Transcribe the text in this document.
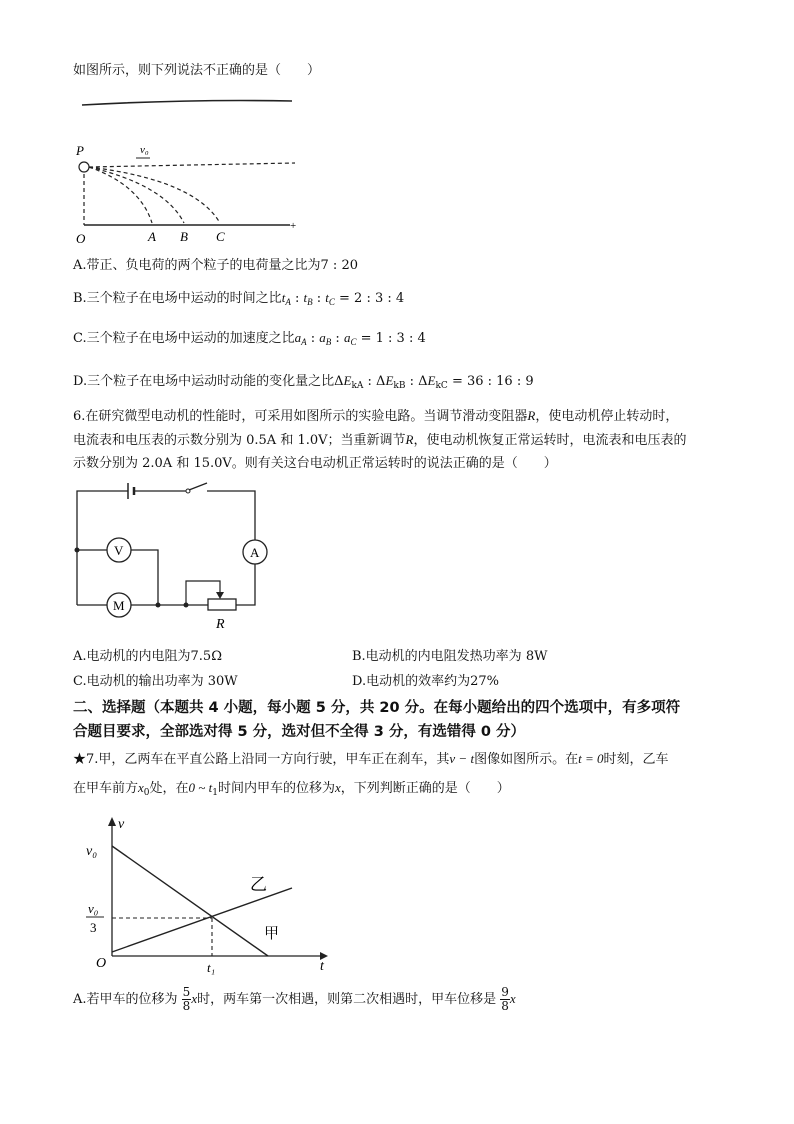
如图所示，则下列说法不正确的是（　　）
P	v₀
O	A B C
+
A.带正、负电荷的两个粒子的电荷量之比为7 : 20
B.三个粒子在电场中运动的时间之比$t_A$ : $t_B$ : $t_C = 2$ : 3 : 4
C.三个粒子在电场中运动的加速度之比$a_A$ : $a_B$ : $a_C = 1$ : 3 : 4
D.三个粒子在电场中运动时动能的变化量之比$\Delta E_{kA}$ : $\Delta E_{kB}$ : $\Delta E_{kC} = 36$ : 16 : 9
6.在研究微型电动机的性能时，可采用如图所示的实验电路。当调节滑动变阻器R，使电动机停止转动时，
电流表和电压表的示数分别为 0.5A 和 1.0V；当重新调节R，使电动机恢复正常运转时，电流表和电压表的
示数分别为 2.0A 和 15.0V。则有关这台电动机正常运转时的说法正确的是（　　）
A
V
M
R
A.电动机的内电阻为7.5Ω	B.电动机的内电阻发热功率为 8W
C.电动机的输出功率为 30W	D.电动机的效率约为27%
二、选择题（本题共 4 小题，每小题 5 分，共 20 分。在每小题给出的四个选项中，有多项符
合题目要求，全部选对得 5 分，选对但不全得 3 分，有选错得 0 分）
★7.甲，乙两车在平直公路上沿同一方向行驶，甲车正在刹车，其v − t图像如图所示。在t = 0时刻，乙车
在甲车前方$x_0$处，在0 ~ $t_1$时间内甲车的位移为x，下列判断正确的是（　　）
v
v₀
v₀
3
O	t₁	t
乙
甲
A.若甲车的位移为 $\frac{5}{8}$ x时，两车第一次相遇，则第二次相遇时，甲车位移是 $\frac{9}{8}$ x
